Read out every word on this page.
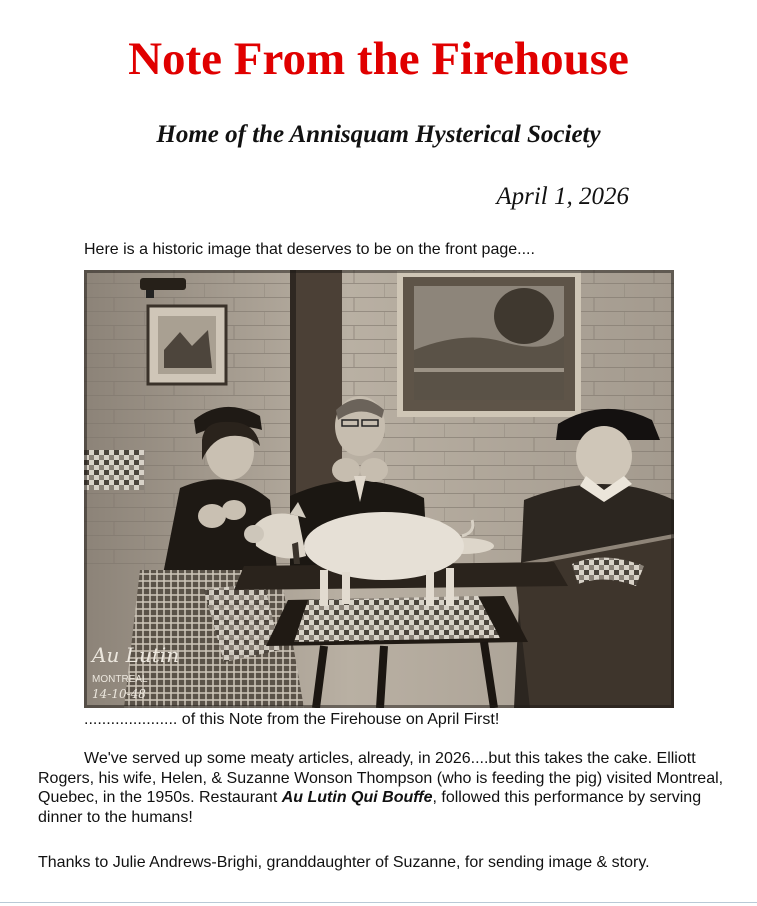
Note From the Firehouse
Home of the Annisquam Hysterical Society
April 1, 2026
Here is a historic image that deserves to be on the front page....
Au Lutin
MONTREAL
14-10-48
..................... of this Note from the Firehouse on April First!

We've served up some meaty articles, already, in 2026....but this takes the cake. Elliott Rogers, his wife, Helen, & Suzanne Wonson Thompson (who is feeding the pig) visited Montreal, Quebec, in the 1950s. Restaurant Au Lutin Qui Bouffe, followed this performance by serving dinner to the humans!

Thanks to Julie Andrews-Brighi, granddaughter of Suzanne, for sending image & story.
